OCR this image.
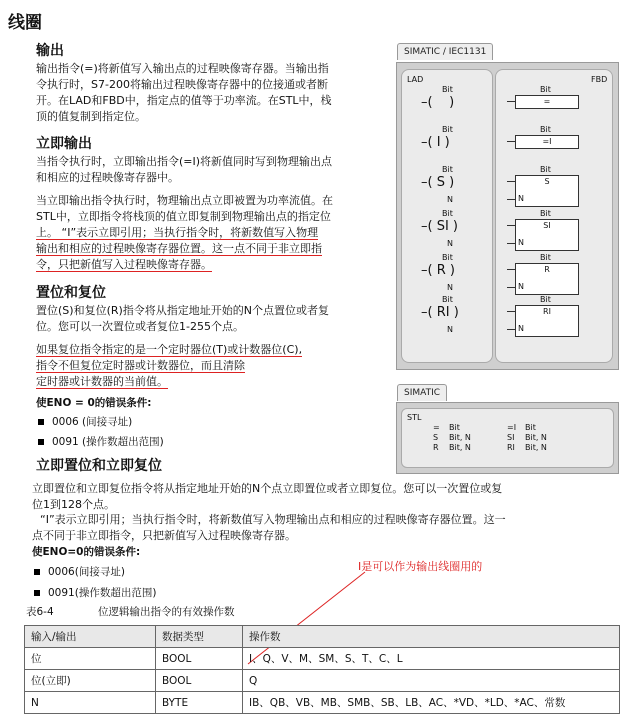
线圈
输出
输出指令(=)将新值写入输出点的过程映像寄存器。当输出指
令执行时，S7-200将输出过程映像寄存器中的位接通或者断
开。在LAD和FBD中，指定点的值等于功率流。在STL中，栈
顶的值复制到指定位。
立即输出
当指令执行时，立即输出指令(=I)将新值同时写到物理输出点
和相应的过程映像寄存器中。
当立即输出指令执行时，物理输出点立即被置为功率流值。在
STL中，立即指令将栈顶的值立即复制到物理输出点的指定位
上。 “I”表示立即引用；当执行指令时，将新数值写入物理
输出和相应的过程映像寄存器位置。这一点不同于非立即指
令，只把新值写入过程映像寄存器。
置位和复位
置位(S)和复位(R)指令将从指定地址开始的N个点置位或者复
位。您可以一次置位或者复位1-255个点。
如果复位指令指定的是一个定时器位(T)或计数器位(C),
指令不但复位定时器或计数器位，而且清除
定时器或计数器的当前值。
使ENO = 0的错误条件:
0006 (间接寻址)
0091 (操作数超出范围)
立即置位和立即复位
立即置位和立即复位指令将从指定地址开始的N个点立即置位或者立即复位。您可以一次置位或复
位1到128个点。
“I”表示立即引用；当执行指令时，将新数值写入物理输出点和相应的过程映像寄存器位置。这一
点不同于非立即指令，只把新值写入过程映像寄存器。
使ENO=0的错误条件:
0006(间接寻址)
0091(操作数超出范围)
I是可以作为输出线圈用的
表6-4	位逻辑输出指令的有效操作数
输入/输出	数据类型	操作数
位	BOOL	I、Q、V、M、SM、S、T、C、L
位(立即)	BOOL	Q
N	BYTE	IB、QB、VB、MB、SMB、SB、LB、AC、*VD、*LD、*AC、常数
SIMATIC / IEC1131
LAD	FBD
Bit
–(    )
Bit
=
Bit
–( I )
Bit
=I
Bit
–( S )
N
Bit
S
N
Bit
–( SI )
N
Bit
SI
N
Bit
–( R )
N
Bit
R
N
Bit
–( RI )
N
Bit
RI
N
SIMATIC
STL
= Bit	=I Bit
S Bit, N	SI Bit, N
R Bit, N	RI Bit, N
